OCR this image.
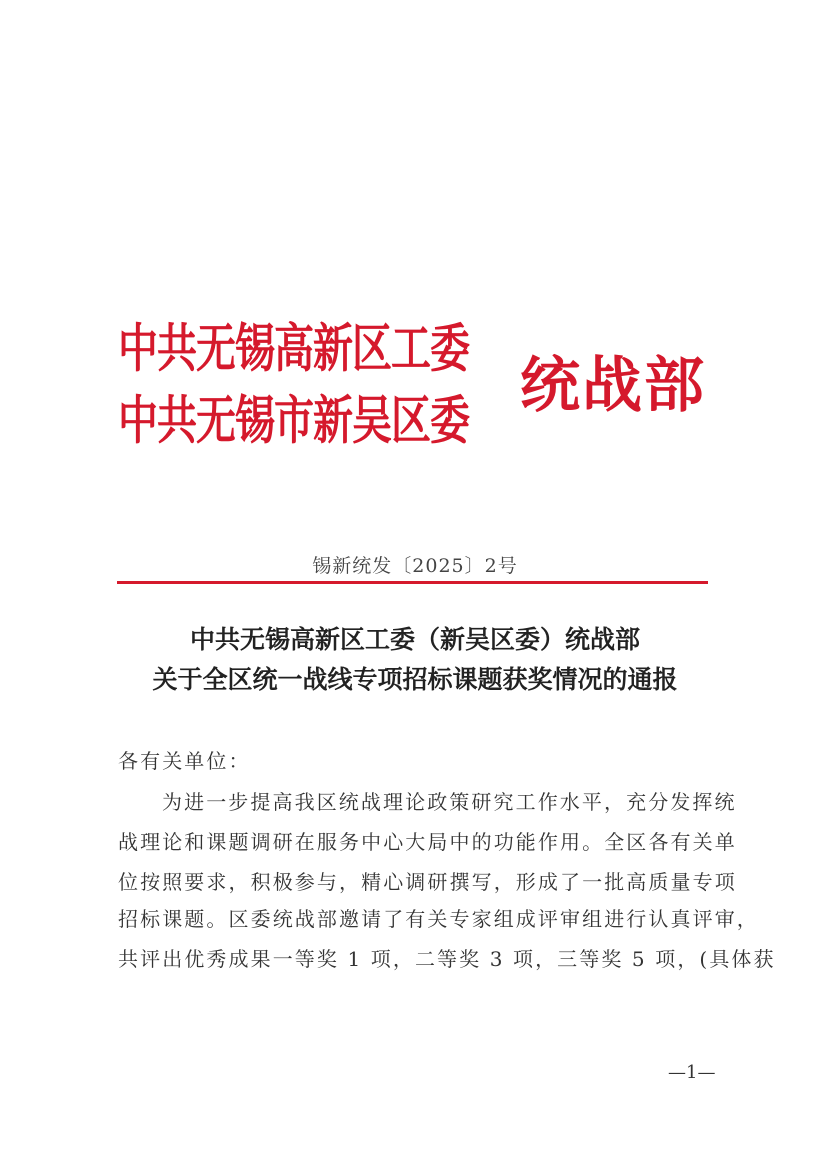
中共无锡高新区工委
中共无锡市新吴区委 统战部
锡新统发〔2025〕2号
中共无锡高新区工委（新吴区委）统战部
关于全区统一战线专项招标课题获奖情况的通报
各有关单位：
为进一步提高我区统战理论政策研究工作水平，充分发挥统
战理论和课题调研在服务中心大局中的功能作用。全区各有关单
位按照要求，积极参与，精心调研撰写，形成了一批高质量专项
招标课题。区委统战部邀请了有关专家组成评审组进行认真评审，
共评出优秀成果一等奖 1 项，二等奖 3 项，三等奖 5 项，(具体获
—1—
